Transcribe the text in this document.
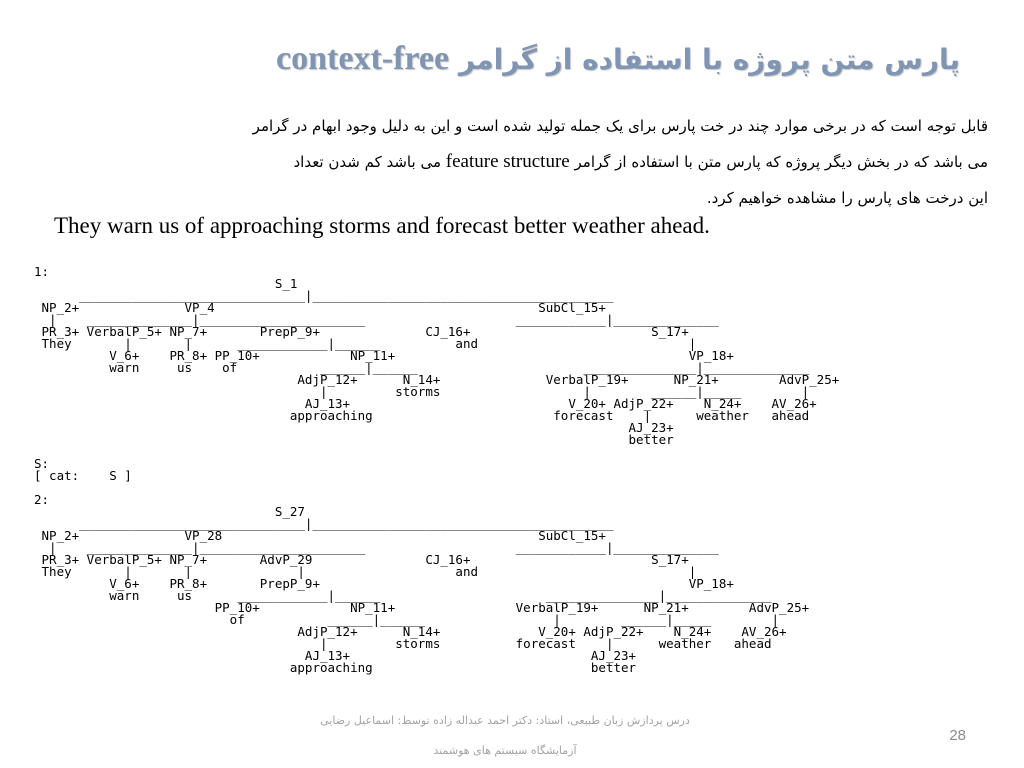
پارس متن پروژه با استفاده از گرامر context-free
قابل توجه است که در برخی موارد چند در خت پارس برای یک جمله تولید شده است و این به دلیل وجود ابهام در گرامر
می باشد که در بخش دیگر پروژه که پارس متن با استفاده از گرامر feature structure می باشد کم شدن تعداد
این درخت های پارس را مشاهده خواهیم کرد.
They warn us of approaching storms and forecast better weather ahead.
1:
S_1
______________________________|________________________________________
NP_2+              VP_4                                           SubCl_15+
|    ______________|______________________                    ____________|______________
PR_3+ VerbalP_5+ NP_7+       PrepP_9+              CJ_16+                        S_17+
They       |       |      ____________|______          and                            |
V_6+    PR_8+ PP_10+            NP_11+                                       VP_18+
warn     us    of           ______|______                      _______________|______________
AdjP_12+      N_14+              VerbalP_19+      NP_21+        AdvP_25+
|         storms                   |        ______|_____        |
AJ_13+                             V_20+ AdjP_22+    N_24+    AV_26+
approaching                        forecast    |      weather   ahead
AJ_23+
better

S:
[ cat:    S ]

2:
S_27
______________________________|________________________________________
NP_2+              VP_28                                          SubCl_15+
|    ______________|______________________                    ____________|______________
PR_3+ VerbalP_5+ NP_7+       AdvP_29               CJ_16+                        S_17+
They       |       |              |                    and                            |
V_6+    PR_8+       PrepP_9+                                                 VP_18+
warn     us      ____________|______                      _______________|______________
PP_10+            NP_11+                VerbalP_19+      NP_21+        AdvP_25+
of           ______|______                 |        ______|_____        |
AdjP_12+      N_14+             V_20+ AdjP_22+    N_24+    AV_26+
|         storms          forecast    |      weather   ahead
AJ_13+                                AJ_23+
approaching                             better
درس پردازش زبان طبیعی، استاد: دکتر احمد عبداله زاده توسط: اسماعیل رضایی
آزمایشگاه سیستم های هوشمند
28
